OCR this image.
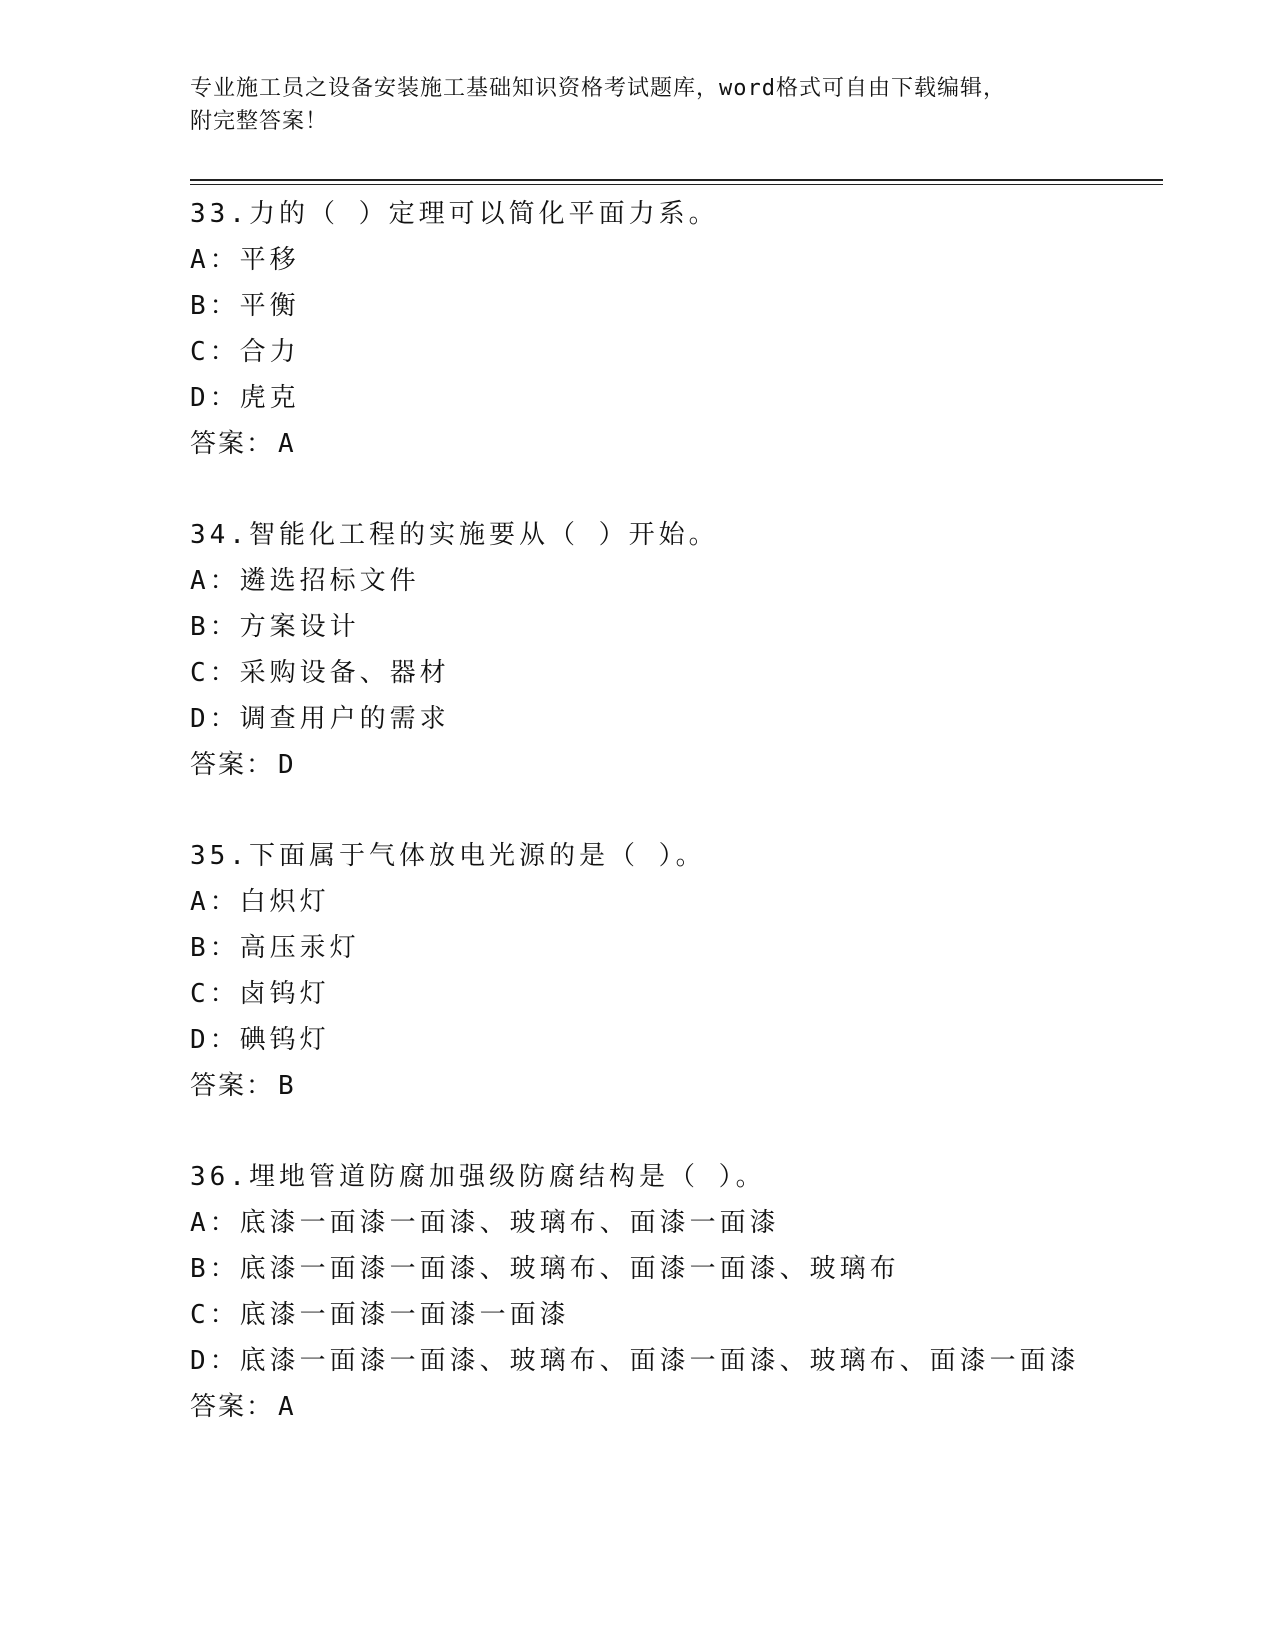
专业施工员之设备安装施工基础知识资格考试题库，word格式可自由下载编辑，

附完整答案！

33.力的（ ）定理可以简化平面力系。
A：平移
B：平衡
C：合力
D：虎克
答案： A
34.智能化工程的实施要从（ ）开始。
A：遴选招标文件
B：方案设计
C：采购设备、器材
D：调查用户的需求
答案： D
35.下面属于气体放电光源的是（ ）。
A：白炽灯
B：高压汞灯
C：卤钨灯
D：碘钨灯
答案： B
36.埋地管道防腐加强级防腐结构是（ ）。
A：底漆一面漆一面漆、玻璃布、面漆一面漆
B：底漆一面漆一面漆、玻璃布、面漆一面漆、玻璃布
C：底漆一面漆一面漆一面漆
D：底漆一面漆一面漆、玻璃布、面漆一面漆、玻璃布、面漆一面漆
答案： A
